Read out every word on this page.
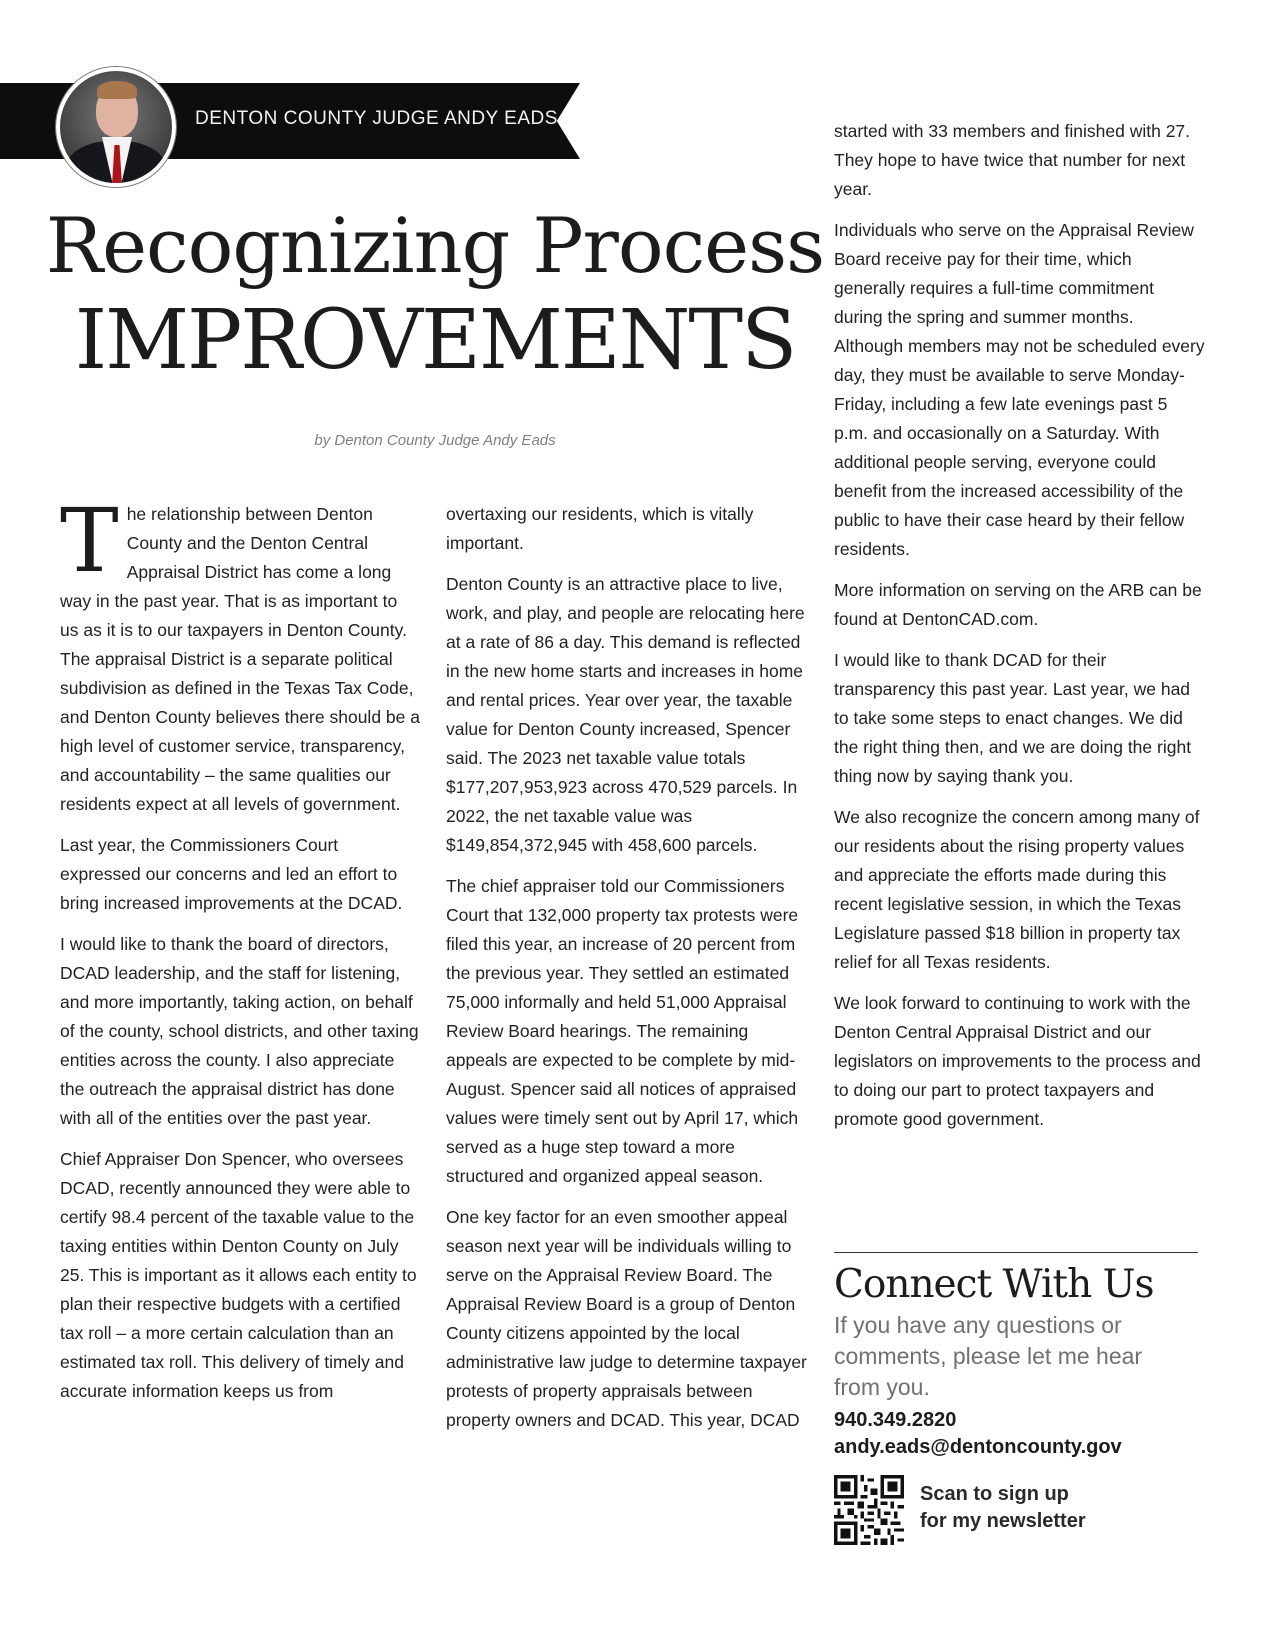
DENTON COUNTY JUDGE ANDY EADS
Recognizing Process
IMPROVEMENTS
by Denton County Judge Andy Eads

The relationship between Denton County and the Denton Central Appraisal District has come a long way in the past year. That is as important to us as it is to our taxpayers in Denton County. The appraisal District is a separate political subdivision as defined in the Texas Tax Code, and Denton County believes there should be a high level of customer service, transparency, and accountability – the same qualities our residents expect at all levels of government.

Last year, the Commissioners Court expressed our concerns and led an effort to bring increased improvements at the DCAD.

I would like to thank the board of directors, DCAD leadership, and the staff for listening, and more importantly, taking action, on behalf of the county, school districts, and other taxing entities across the county. I also appreciate the outreach the appraisal district has done with all of the entities over the past year.

Chief Appraiser Don Spencer, who oversees DCAD, recently announced they were able to certify 98.4 percent of the taxable value to the taxing entities within Denton County on July 25. This is important as it allows each entity to plan their respective budgets with a certified tax roll – a more certain calculation than an estimated tax roll. This delivery of timely and accurate information keeps us from

overtaxing our residents, which is vitally important.

Denton County is an attractive place to live, work, and play, and people are relocating here at a rate of 86 a day. This demand is reflected in the new home starts and increases in home and rental prices. Year over year, the taxable value for Denton County increased, Spencer said. The 2023 net taxable value totals $177,207,953,923 across 470,529 parcels. In 2022, the net taxable value was $149,854,372,945 with 458,600 parcels.

The chief appraiser told our Commissioners Court that 132,000 property tax protests were filed this year, an increase of 20 percent from the previous year. They settled an estimated 75,000 informally and held 51,000 Appraisal Review Board hearings. The remaining appeals are expected to be complete by mid-August. Spencer said all notices of appraised values were timely sent out by April 17, which served as a huge step toward a more structured and organized appeal season.

One key factor for an even smoother appeal season next year will be individuals willing to serve on the Appraisal Review Board. The Appraisal Review Board is a group of Denton County citizens appointed by the local administrative law judge to determine taxpayer protests of property appraisals between property owners and DCAD. This year, DCAD

started with 33 members and finished with 27. They hope to have twice that number for next year.

Individuals who serve on the Appraisal Review Board receive pay for their time, which generally requires a full-time commitment during the spring and summer months. Although members may not be scheduled every day, they must be available to serve Monday-Friday, including a few late evenings past 5 p.m. and occasionally on a Saturday. With additional people serving, everyone could benefit from the increased accessibility of the public to have their case heard by their fellow residents.

More information on serving on the ARB can be found at DentonCAD.com.

I would like to thank DCAD for their transparency this past year. Last year, we had to take some steps to enact changes. We did the right thing then, and we are doing the right thing now by saying thank you.

We also recognize the concern among many of our residents about the rising property values and appreciate the efforts made during this recent legislative session, in which the Texas Legislature passed $18 billion in property tax relief for all Texas residents.

We look forward to continuing to work with the Denton Central Appraisal District and our legislators on improvements to the process and to doing our part to protect taxpayers and promote good government.

Connect With Us
If you have any questions or comments, please let me hear from you.
940.349.2820
andy.eads@dentoncounty.gov
Scan to sign up
for my newsletter
